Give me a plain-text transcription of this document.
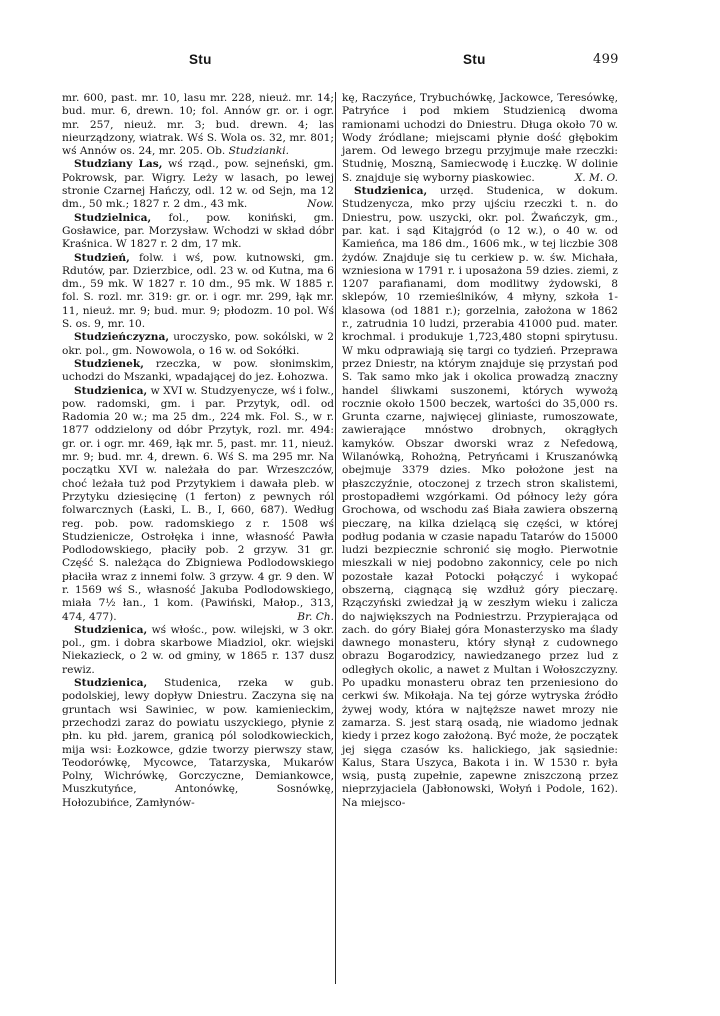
Stu	Stu	499

mr. 600, past. mr. 10, lasu mr. 228, nieuż. mr. 14; bud. mur. 6, drewn. 10; fol. Annów gr. or. i ogr. mr. 257, nieuż. mr. 3; bud. drewn. 4; las nieurządzony, wiatrak. Wś S. Wola os. 32, mr. 801; wś Annów os. 24, mr. 205. Ob. Studzianki.

Studziany Las, wś rząd., pow. sejneński, gm. Pokrowsk, par. Wigry. Leży w lasach, po lewej stronie Czarnej Hańczy, odl. 12 w. od Sejn, ma 12 dm., 50 mk.; 1827 r. 2 dm., 43 mk.	Now.

Studzielnica, fol., pow. koniński, gm. Gosławice, par. Morzysław. Wchodzi w skład dóbr Kraśnica. W 1827 r. 2 dm, 17 mk.

Studzień, folw. i wś, pow. kutnowski, gm. Rdutów, par. Dzierzbice, odl. 23 w. od Kutna, ma 6 dm., 59 mk. W 1827 r. 10 dm., 95 mk. W 1885 r. fol. S. rozl. mr. 319: gr. or. i ogr. mr. 299, łąk mr. 11, nieuż. mr. 9; bud. mur. 9; płodozm. 10 pol. Wś S. os. 9, mr. 10.

Studzieńczyzna, uroczysko, pow. sokólski, w 2 okr. pol., gm. Nowowola, o 16 w. od Sokółki.

Studzienek, rzeczka, w pow. słonimskim, uchodzi do Mszanki, wpadającej do jez. Łohozwa.

Studzienica, w XVI w. Studzyenycze, wś i folw., pow. radomski, gm. i par. Przytyk, odl. od Radomia 20 w.; ma 25 dm., 224 mk. Fol. S., w r. 1877 oddzielony od dóbr Przytyk, rozl. mr. 494: gr. or. i ogr. mr. 469, łąk mr. 5, past. mr. 11, nieuż. mr. 9; bud. mr. 4, drewn. 6. Wś S. ma 295 mr. Na początku XVI w. należała do par. Wrzeszczów, choć leżała tuż pod Przytykiem i dawała pleb. w Przytyku dziesięcinę (1 ferton) z pewnych ról folwarcznych (Łaski, L. B., I, 660, 687). Według reg. pob. pow. radomskiego z r. 1508 wś Studzienicze, Ostrołęka i inne, własność Pawła Podlodowskiego, płaciły pob. 2 grzyw. 31 gr. Część S. należąca do Zbigniewa Podlodowskiego płaciła wraz z innemi folw. 3 grzyw. 4 gr. 9 den. W r. 1569 wś S., własność Jakuba Podlodowskiego, miała 7½ łan., 1 kom. (Pawiński, Małop., 313, 474, 477).	Br. Ch.

Studzienica, wś włośc., pow. wilejski, w 3 okr. pol., gm. i dobra skarbowe Miadziol, okr. wiejski Niekazieck, o 2 w. od gminy, w 1865 r. 137 dusz rewiz.

Studzienica, Studenica, rzeka w gub. podolskiej, lewy dopływ Dniestru. Zaczyna się na gruntach wsi Sawiniec, w pow. kamienieckim, przechodzi zaraz do powiatu uszyckiego, płynie z płn. ku płd. jarem, granicą pól solodkowieckich, mija wsi: Łozkowce, gdzie tworzy pierwszy staw, Teodorówkę, Mycowce, Tatarzyska, Mukarów Polny, Wichrówkę, Gorczyczne, Demiankowce, Muszkutyńce, Antonówkę, Sosnówkę, Hołozubińce, Zamłynów-

kę, Raczyńce, Trybuchówkę, Jackowce, Teresówkę, Patryńce i pod mkiem Studzienicą dwoma ramionami uchodzi do Dniestru. Długa około 70 w. Wody źródlane; miejscami płynie dość głębokim jarem. Od lewego brzegu przyjmuje małe rzeczki: Studnię, Moszną, Samiecwodę i Łuczkę. W dolinie S. znajduje się wyborny piaskowiec.	X. M. O.

Studzienica, urzęd. Studenica, w dokum. Studzenycza, mko przy ujściu rzeczki t. n. do Dniestru, pow. uszycki, okr. pol. Żwańczyk, gm., par. kat. i sąd Kitajgród (o 12 w.), o 40 w. od Kamieńca, ma 186 dm., 1606 mk., w tej liczbie 308 żydów. Znajduje się tu cerkiew p. w. św. Michała, wzniesiona w 1791 r. i uposażona 59 dzies. ziemi, z 1207 parafianami, dom modlitwy żydowski, 8 sklepów, 10 rzemieślników, 4 młyny, szkoła 1-klasowa (od 1881 r.); gorzelnia, założona w 1862 r., zatrudnia 10 ludzi, przerabia 41000 pud. mater. krochmal. i produkuje 1,723,480 stopni spirytusu. W mku odprawiają się targi co tydzień. Przeprawa przez Dniestr, na którym znajduje się przystań pod S. Tak samo mko jak i okolica prowadzą znaczny handel śliwkami suszonemi, których wywożą rocznie około 1500 beczek, wartości do 35,000 rs. Grunta czarne, najwięcej gliniaste, rumoszowate, zawierające mnóstwo drobnych, okrągłych kamyków. Obszar dworski wraz z Nefedową, Wilanówką, Rohożną, Petryńcami i Kruszanówką obejmuje 3379 dzies. Mko położone jest na płaszczyźnie, otoczonej z trzech stron skalistemi, prostopadłemi wzgórkami. Od północy leży góra Grochowa, od wschodu zaś Biała zawiera obszerną pieczarę, na kilka dzielącą się części, w której podług podania w czasie napadu Tatarów do 15000 ludzi bezpiecznie schronić się mogło. Pierwotnie mieszkali w niej podobno zakonnicy, cele po nich pozostałe kazał Potocki połączyć i wykopać obszerną, ciągnącą się wzdłuż góry pieczarę. Rzączyński zwiedzał ją w zeszłym wieku i zalicza do największych na Podniestrzu. Przypierająca od zach. do góry Białej góra Monasterzysko ma ślady dawnego monasteru, który słynął z cudownego obrazu Bogarodzicy, nawiedzanego przez lud z odległych okolic, a nawet z Multan i Wołoszczyzny. Po upadku monasteru obraz ten przeniesiono do cerkwi św. Mikołaja. Na tej górze wytryska źródło żywej wody, która w najtęższe nawet mrozy nie zamarza. S. jest starą osadą, nie wiadomo jednak kiedy i przez kogo założoną. Być może, że początek jej sięga czasów ks. halickiego, jak sąsiednie: Kalus, Stara Uszyca, Bakota i in. W 1530 r. była wsią, pustą zupełnie, zapewne zniszczoną przez nieprzyjaciela (Jabłonowski, Wołyń i Podole, 162). Na miejsco-
